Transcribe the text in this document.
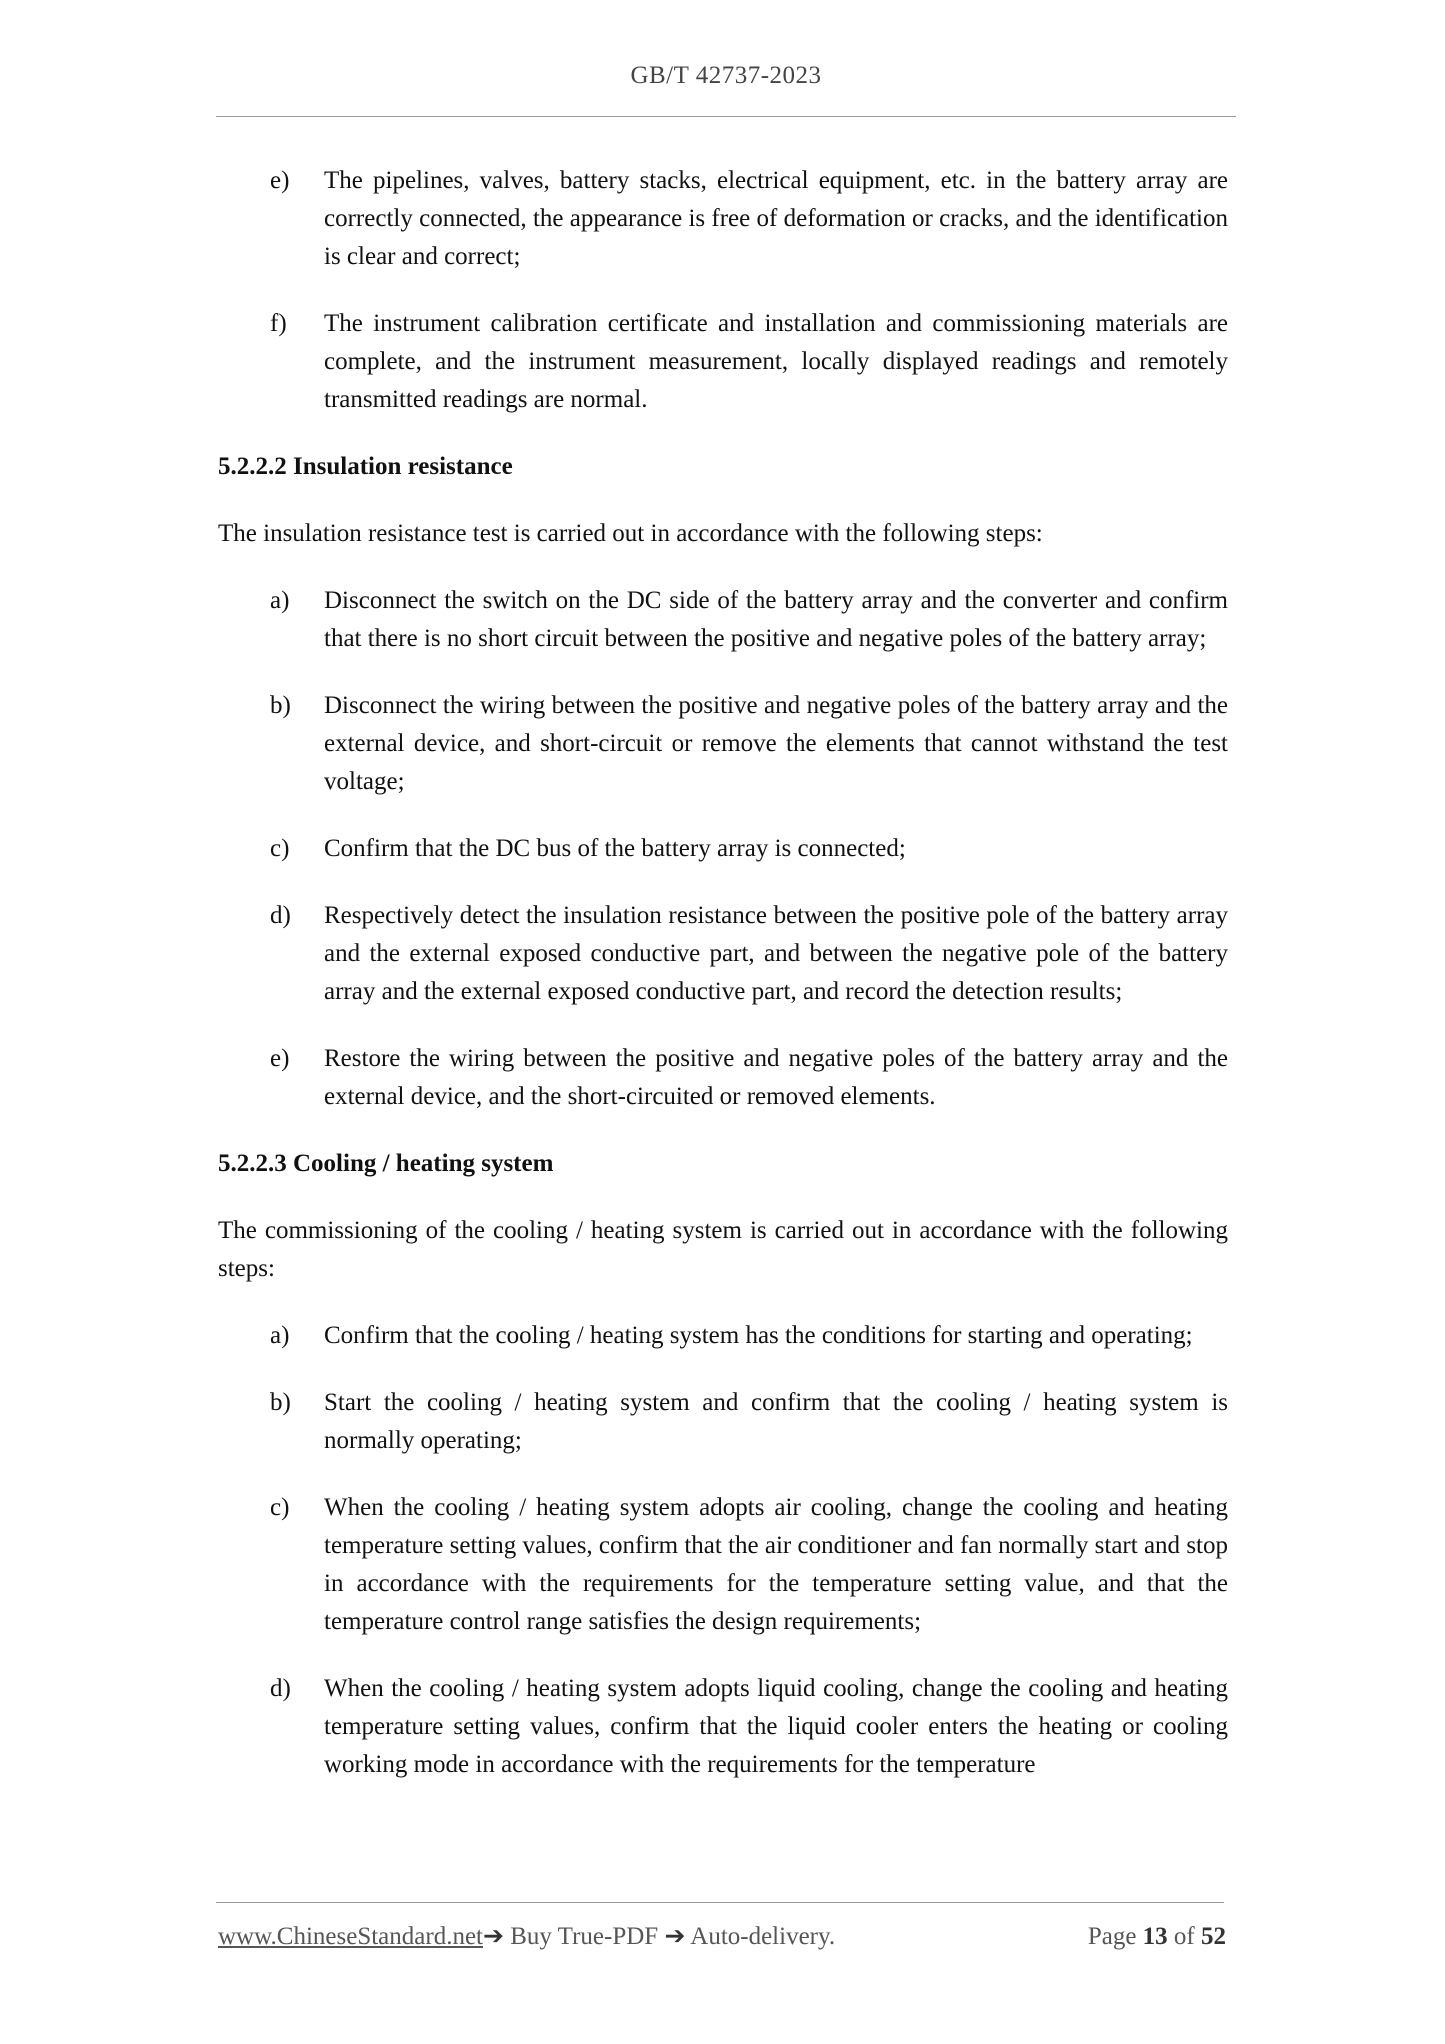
GB/T 42737-2023
e) The pipelines, valves, battery stacks, electrical equipment, etc. in the battery array are correctly connected, the appearance is free of deformation or cracks, and the identification is clear and correct;
f) The instrument calibration certificate and installation and commissioning materials are complete, and the instrument measurement, locally displayed readings and remotely transmitted readings are normal.
5.2.2.2 Insulation resistance
The insulation resistance test is carried out in accordance with the following steps:
a) Disconnect the switch on the DC side of the battery array and the converter and confirm that there is no short circuit between the positive and negative poles of the battery array;
b) Disconnect the wiring between the positive and negative poles of the battery array and the external device, and short-circuit or remove the elements that cannot withstand the test voltage;
c) Confirm that the DC bus of the battery array is connected;
d) Respectively detect the insulation resistance between the positive pole of the battery array and the external exposed conductive part, and between the negative pole of the battery array and the external exposed conductive part, and record the detection results;
e) Restore the wiring between the positive and negative poles of the battery array and the external device, and the short-circuited or removed elements.
5.2.2.3 Cooling / heating system
The commissioning of the cooling / heating system is carried out in accordance with the following steps:
a) Confirm that the cooling / heating system has the conditions for starting and operating;
b) Start the cooling / heating system and confirm that the cooling / heating system is normally operating;
c) When the cooling / heating system adopts air cooling, change the cooling and heating temperature setting values, confirm that the air conditioner and fan normally start and stop in accordance with the requirements for the temperature setting value, and that the temperature control range satisfies the design requirements;
d) When the cooling / heating system adopts liquid cooling, change the cooling and heating temperature setting values, confirm that the liquid cooler enters the heating or cooling working mode in accordance with the requirements for the temperature
www.ChineseStandard.net➔ Buy True-PDF ➔ Auto-delivery.	Page 13 of 52
